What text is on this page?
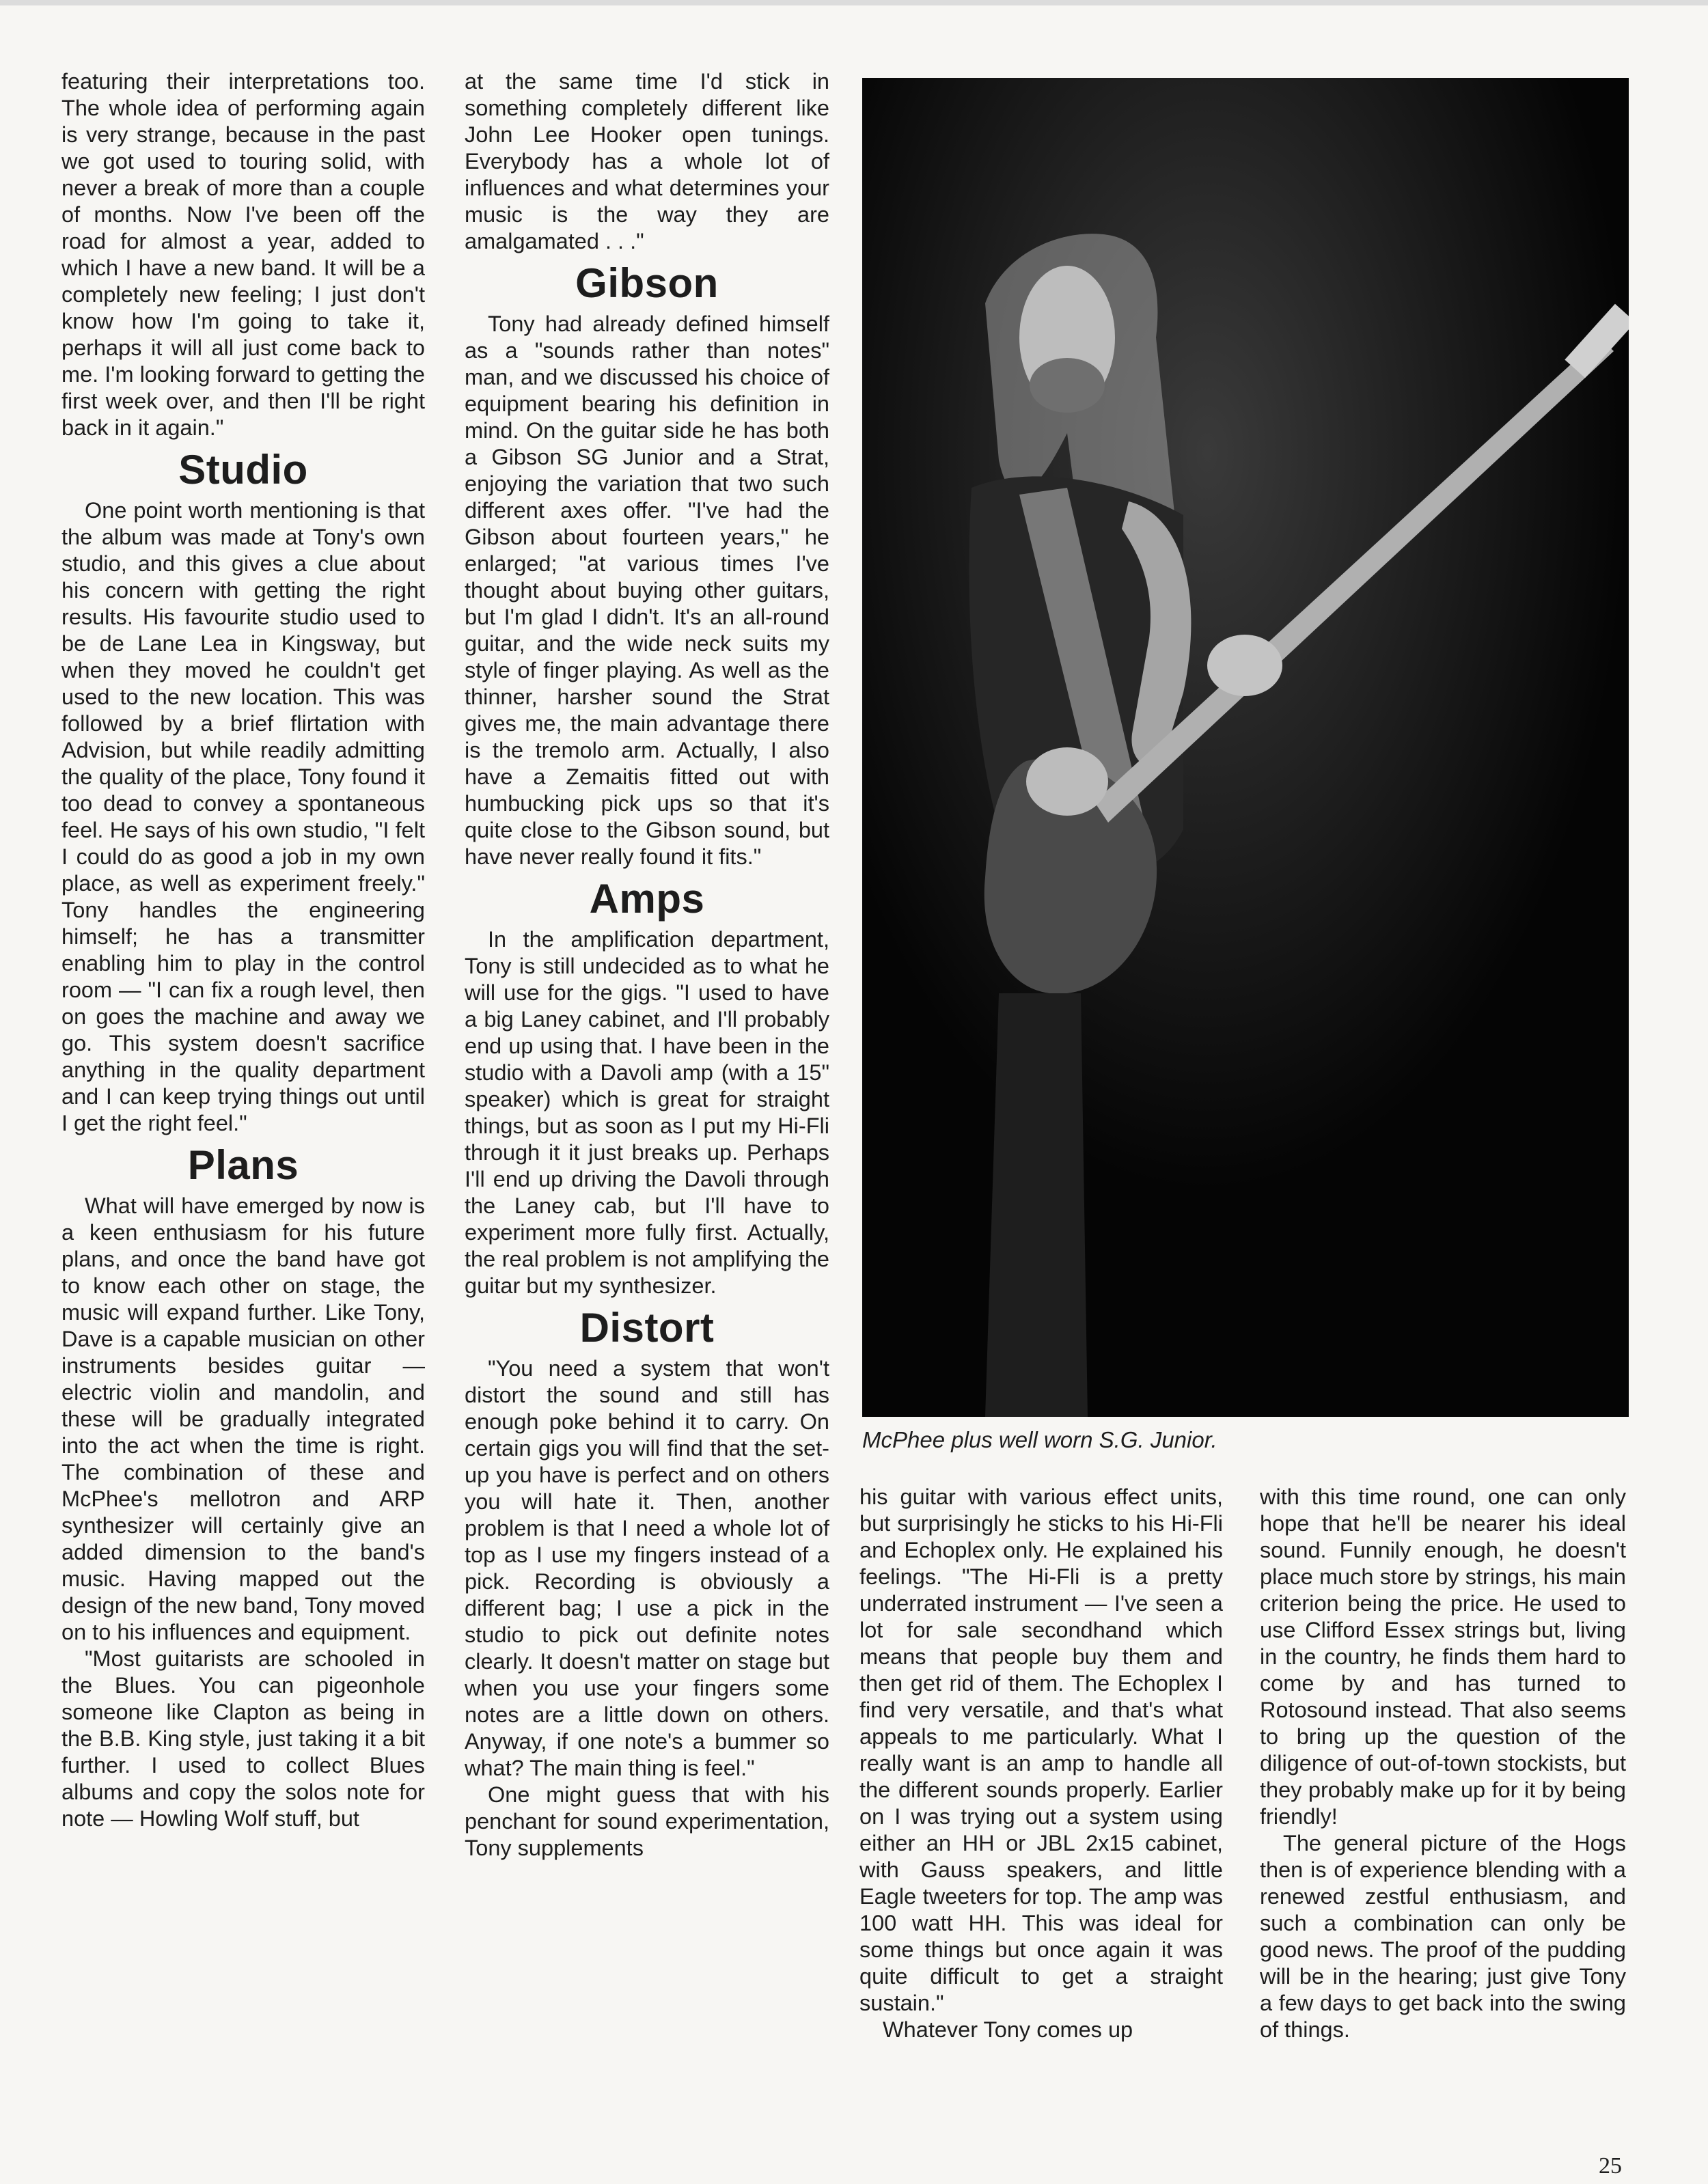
featuring their interpretations too. The whole idea of performing again is very strange, because in the past we got used to touring solid, with never a break of more than a couple of months. Now I've been off the road for almost a year, added to which I have a new band. It will be a completely new feeling; I just don't know how I'm going to take it, perhaps it will all just come back to me. I'm looking forward to getting the first week over, and then I'll be right back in it again."

Studio

One point worth mentioning is that the album was made at Tony's own studio, and this gives a clue about his concern with getting the right results. His favourite studio used to be de Lane Lea in Kingsway, but when they moved he couldn't get used to the new location. This was followed by a brief flirtation with Advision, but while readily admitting the quality of the place, Tony found it too dead to convey a spontaneous feel. He says of his own studio, "I felt I could do as good a job in my own place, as well as experiment freely." Tony handles the engineering himself; he has a transmitter enabling him to play in the control room — "I can fix a rough level, then on goes the machine and away we go. This system doesn't sacrifice anything in the quality department and I can keep trying things out until I get the right feel."

Plans

What will have emerged by now is a keen enthusiasm for his future plans, and once the band have got to know each other on stage, the music will expand further. Like Tony, Dave is a capable musician on other instruments besides guitar — electric violin and mandolin, and these will be gradually integrated into the act when the time is right. The combination of these and McPhee's mellotron and ARP synthesizer will certainly give an added dimension to the band's music. Having mapped out the design of the new band, Tony moved on to his influences and equipment.

"Most guitarists are schooled in the Blues. You can pigeonhole someone like Clapton as being in the B.B. King style, just taking it a bit further. I used to collect Blues albums and copy the solos note for note — Howling Wolf stuff, but

at the same time I'd stick in something completely different like John Lee Hooker open tunings. Everybody has a whole lot of influences and what determines your music is the way they are amalgamated . . ."

Gibson

Tony had already defined himself as a "sounds rather than notes" man, and we discussed his choice of equipment bearing his definition in mind. On the guitar side he has both a Gibson SG Junior and a Strat, enjoying the variation that two such different axes offer. "I've had the Gibson about fourteen years," he enlarged; "at various times I've thought about buying other guitars, but I'm glad I didn't. It's an all-round guitar, and the wide neck suits my style of finger playing. As well as the thinner, harsher sound the Strat gives me, the main advantage there is the tremolo arm. Actually, I also have a Zemaitis fitted out with humbucking pick ups so that it's quite close to the Gibson sound, but have never really found it fits."

Amps

In the amplification department, Tony is still undecided as to what he will use for the gigs. "I used to have a big Laney cabinet, and I'll probably end up using that. I have been in the studio with a Davoli amp (with a 15" speaker) which is great for straight things, but as soon as I put my Hi-Fli through it it just breaks up. Perhaps I'll end up driving the Davoli through the Laney cab, but I'll have to experiment more fully first. Actually, the real problem is not amplifying the guitar but my synthesizer.

Distort

"You need a system that won't distort the sound and still has enough poke behind it to carry. On certain gigs you will find that the set-up you have is perfect and on others you will hate it. Then, another problem is that I need a whole lot of top as I use my fingers instead of a pick. Recording is obviously a different bag; I use a pick in the studio to pick out definite notes clearly. It doesn't matter on stage but when you use your fingers some notes are a little down on others. Anyway, if one note's a bummer so what? The main thing is feel."

One might guess that with his penchant for sound experimentation, Tony supplements

McPhee plus well worn S.G. Junior.

his guitar with various effect units, but surprisingly he sticks to his Hi-Fli and Echoplex only. He explained his feelings. "The Hi-Fli is a pretty underrated instrument — I've seen a lot for sale secondhand which means that people buy them and then get rid of them. The Echoplex I find very versatile, and that's what appeals to me particularly. What I really want is an amp to handle all the different sounds properly. Earlier on I was trying out a system using either an HH or JBL 2x15 cabinet, with Gauss speakers, and little Eagle tweeters for top. The amp was 100 watt HH. This was ideal for some things but once again it was quite difficult to get a straight sustain."

Whatever Tony comes up

with this time round, one can only hope that he'll be nearer his ideal sound. Funnily enough, he doesn't place much store by strings, his main criterion being the price. He used to use Clifford Essex strings but, living in the country, he finds them hard to come by and has turned to Rotosound instead. That also seems to bring up the question of the diligence of out-of-town stockists, but they probably make up for it by being friendly!

The general picture of the Hogs then is of experience blending with a renewed zestful enthusiasm, and such a combination can only be good news. The proof of the pudding will be in the hearing; just give Tony a few days to get back into the swing of things.

25
